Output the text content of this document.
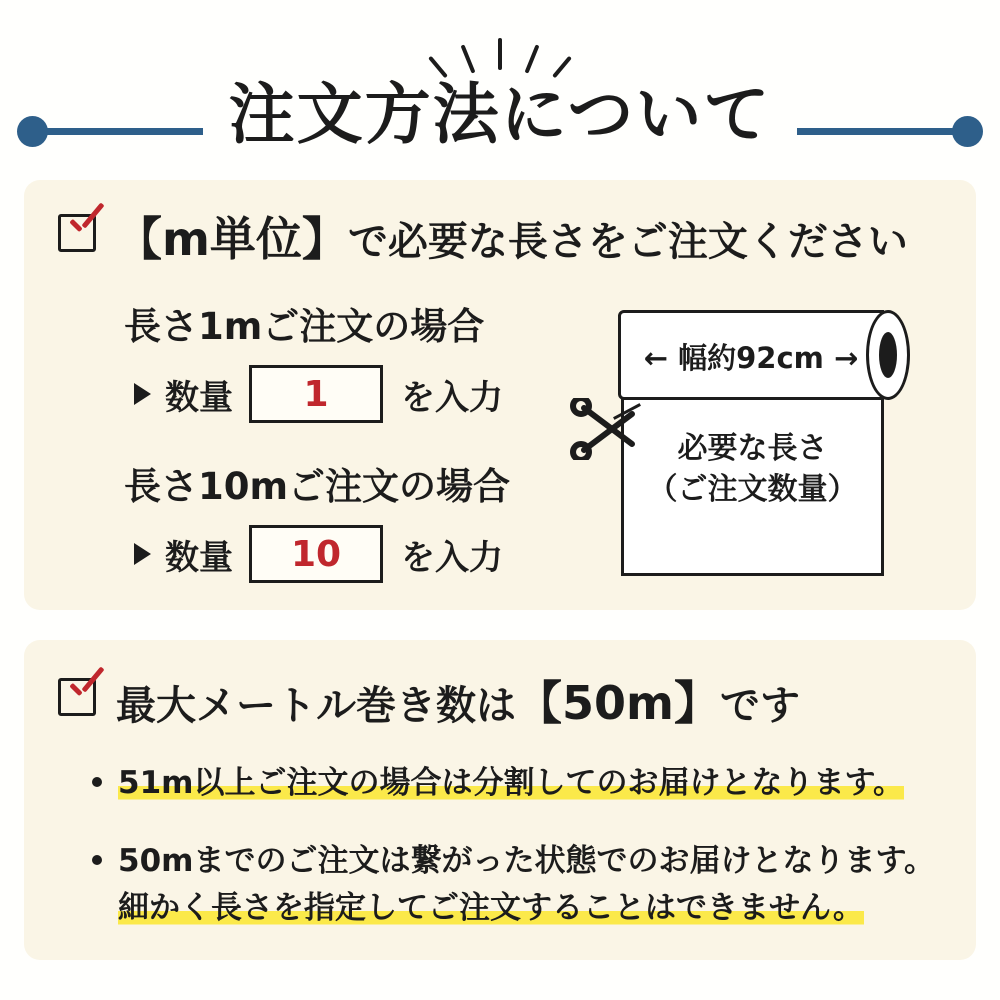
注文方法について
【m単位】で必要な長さをご注文ください
長さ1mご注文の場合
数量	1	を入力
長さ10mご注文の場合
数量	10	を入力
← 幅約92cm →
必要な長さ
（ご注文数量）
最大メートル巻き数は【50m】です
51m以上ご注文の場合は分割してのお届けとなります。
50mまでのご注文は繋がった状態でのお届けとなります。
細かく長さを指定してご注文することはできません。
